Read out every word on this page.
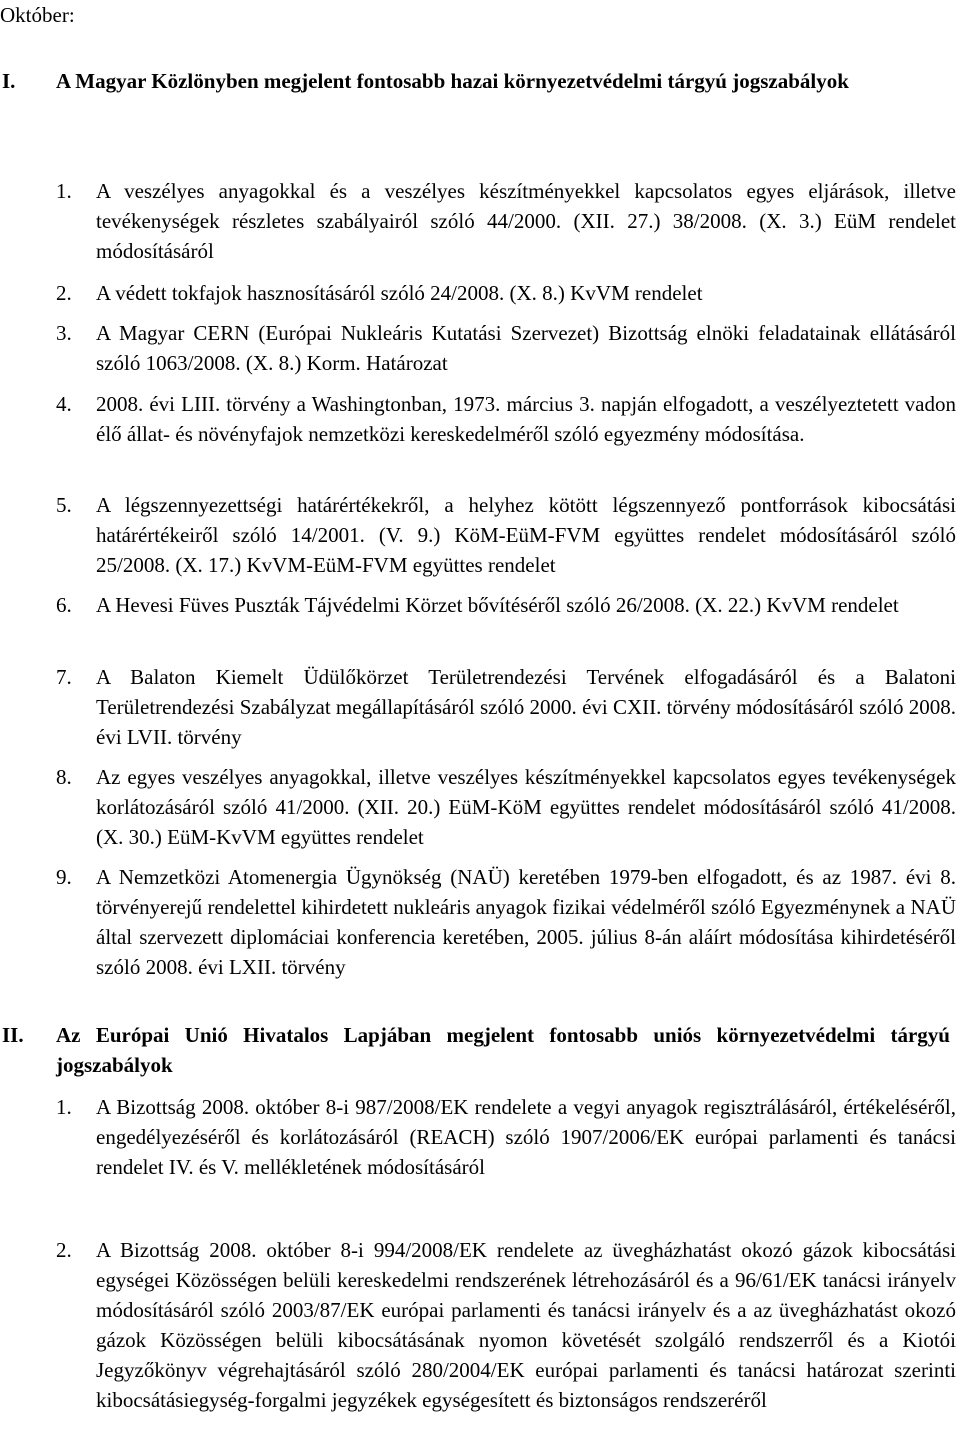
Október:
I. A Magyar Közlönyben megjelent fontosabb hazai környezetvédelmi tárgyú jogszabályok
1. A veszélyes anyagokkal és a veszélyes készítményekkel kapcsolatos egyes eljárások, illetve tevékenységek részletes szabályairól szóló 44/2000. (XII. 27.) 38/2008. (X. 3.) EüM rendelet módosításáról
2. A védett tokfajok hasznosításáról szóló 24/2008. (X. 8.) KvVM rendelet
3. A Magyar CERN (Európai Nukleáris Kutatási Szervezet) Bizottság elnöki feladatainak ellátásáról szóló 1063/2008. (X. 8.) Korm. Határozat
4. 2008. évi LIII. törvény a Washingtonban, 1973. március 3. napján elfogadott, a veszélyeztetett vadon élő állat- és növényfajok nemzetközi kereskedelméről szóló egyezmény módosítása.
5. A légszennyezettségi határértékekről, a helyhez kötött légszennyező pontforrások kibocsátási határértékeiről szóló 14/2001. (V. 9.) KöM-EüM-FVM együttes rendelet módosításáról szóló 25/2008. (X. 17.) KvVM-EüM-FVM együttes rendelet
6. A Hevesi Füves Puszták Tájvédelmi Körzet bővítéséről szóló 26/2008. (X. 22.) KvVM rendelet
7. A Balaton Kiemelt Üdülőkörzet Területrendezési Tervének elfogadásáról és a Balatoni Területrendezési Szabályzat megállapításáról szóló 2000. évi CXII. törvény módosításáról szóló 2008. évi LVII. törvény
8. Az egyes veszélyes anyagokkal, illetve veszélyes készítményekkel kapcsolatos egyes tevékenységek korlátozásáról szóló 41/2000. (XII. 20.) EüM-KöM együttes rendelet módosításáról szóló 41/2008. (X. 30.) EüM-KvVM együttes rendelet
9. A Nemzetközi Atomenergia Ügynökség (NAÜ) keretében 1979-ben elfogadott, és az 1987. évi 8. törvényerejű rendelettel kihirdetett nukleáris anyagok fizikai védelméről szóló Egyezménynek a NAÜ által szervezett diplomáciai konferencia keretében, 2005. július 8-án aláírt módosítása kihirdetéséről szóló 2008. évi LXII. törvény
II. Az Európai Unió Hivatalos Lapjában megjelent fontosabb uniós környezetvédelmi tárgyú jogszabályok
1. A Bizottság 2008. október 8-i 987/2008/EK rendelete a vegyi anyagok regisztrálásáról, értékeléséről, engedélyezéséről és korlátozásáról (REACH) szóló 1907/2006/EK európai parlamenti és tanácsi rendelet IV. és V. mellékletének módosításáról
2. A Bizottság 2008. október 8-i 994/2008/EK rendelete az üvegházhatást okozó gázok kibocsátási egységei Közösségen belüli kereskedelmi rendszerének létrehozásáról és a 96/61/EK tanácsi irányelv módosításáról szóló 2003/87/EK európai parlamenti és tanácsi irányelv és a az üvegházhatást okozó gázok Közösségen belüli kibocsátásának nyomon követését szolgáló rendszerről és a Kiotói Jegyzőkönyv végrehajtásáról szóló 280/2004/EK európai parlamenti és tanácsi határozat szerinti kibocsátásiegység-forgalmi jegyzékek egységesített és biztonságos rendszeréről
